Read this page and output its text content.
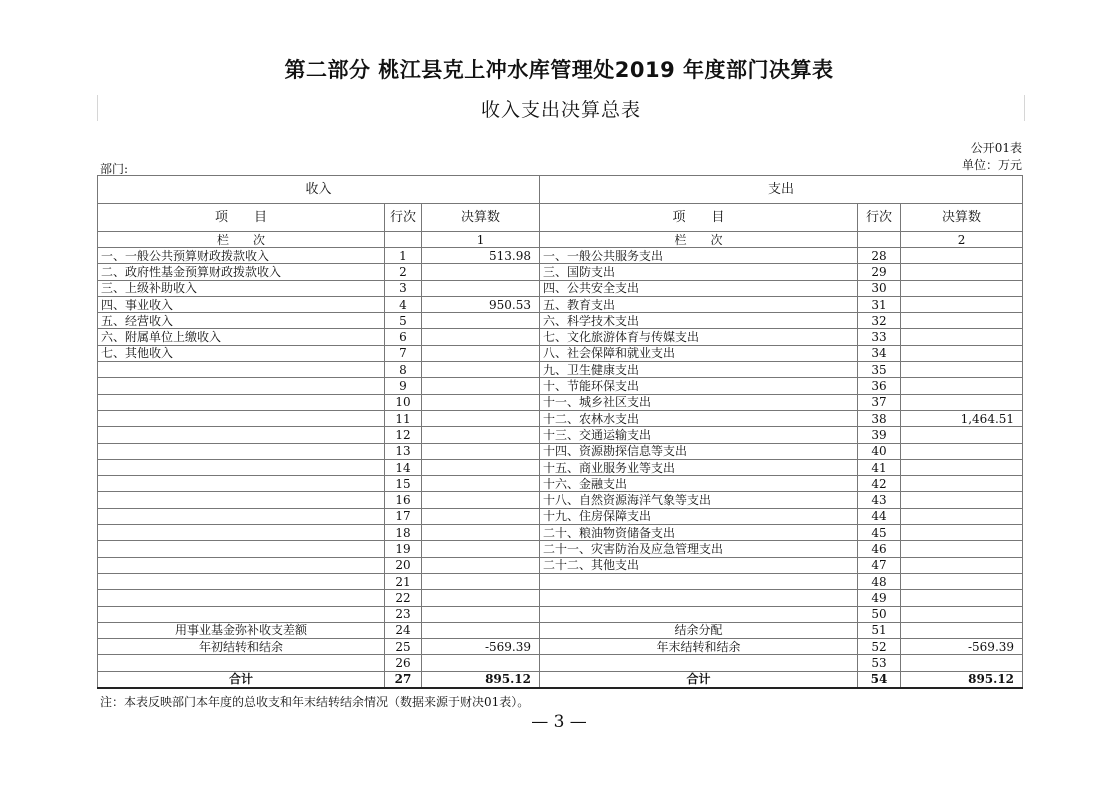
第二部分 桃江县克上冲水库管理处2019 年度部门决算表
收入支出决算总表
公开01表
单位：万元
部门:
收入			支出		
项　　目	行次	决算数	项　　目	行次	决算数
栏　　次		1	栏　　次		2
一、一般公共预算财政拨款收入	1	513.98	一、一般公共服务支出	28	
二、政府性基金预算财政拨款收入	2		三、国防支出	29	
三、上级补助收入	3		四、公共安全支出	30	
四、事业收入	4	950.53	五、教育支出	31	
五、经营收入	5		六、科学技术支出	32	
六、附属单位上缴收入	6		七、文化旅游体育与传媒支出	33	
七、其他收入	7		八、社会保障和就业支出	34	
	8		九、卫生健康支出	35	
	9		十、节能环保支出	36	
	10		十一、城乡社区支出	37	
	11		十二、农林水支出	38	1,464.51
	12		十三、交通运输支出	39	
	13		十四、资源勘探信息等支出	40	
	14		十五、商业服务业等支出	41	
	15		十六、金融支出	42	
	16		十八、自然资源海洋气象等支出	43	
	17		十九、住房保障支出	44	
	18		二十、粮油物资储备支出	45	
	19		二十一、灾害防治及应急管理支出	46	
	20		二十二、其他支出	47	
	21			48	
	22			49	
	23			50	
用事业基金弥补收支差额	24		结余分配	51	
年初结转和结余	25	-569.39	年末结转和结余	52	-569.39
	26			53	
合计	27	895.12	合计	54	895.12
注：本表反映部门本年度的总收支和年末结转结余情况（数据来源于财决01表）。
— 3 —
